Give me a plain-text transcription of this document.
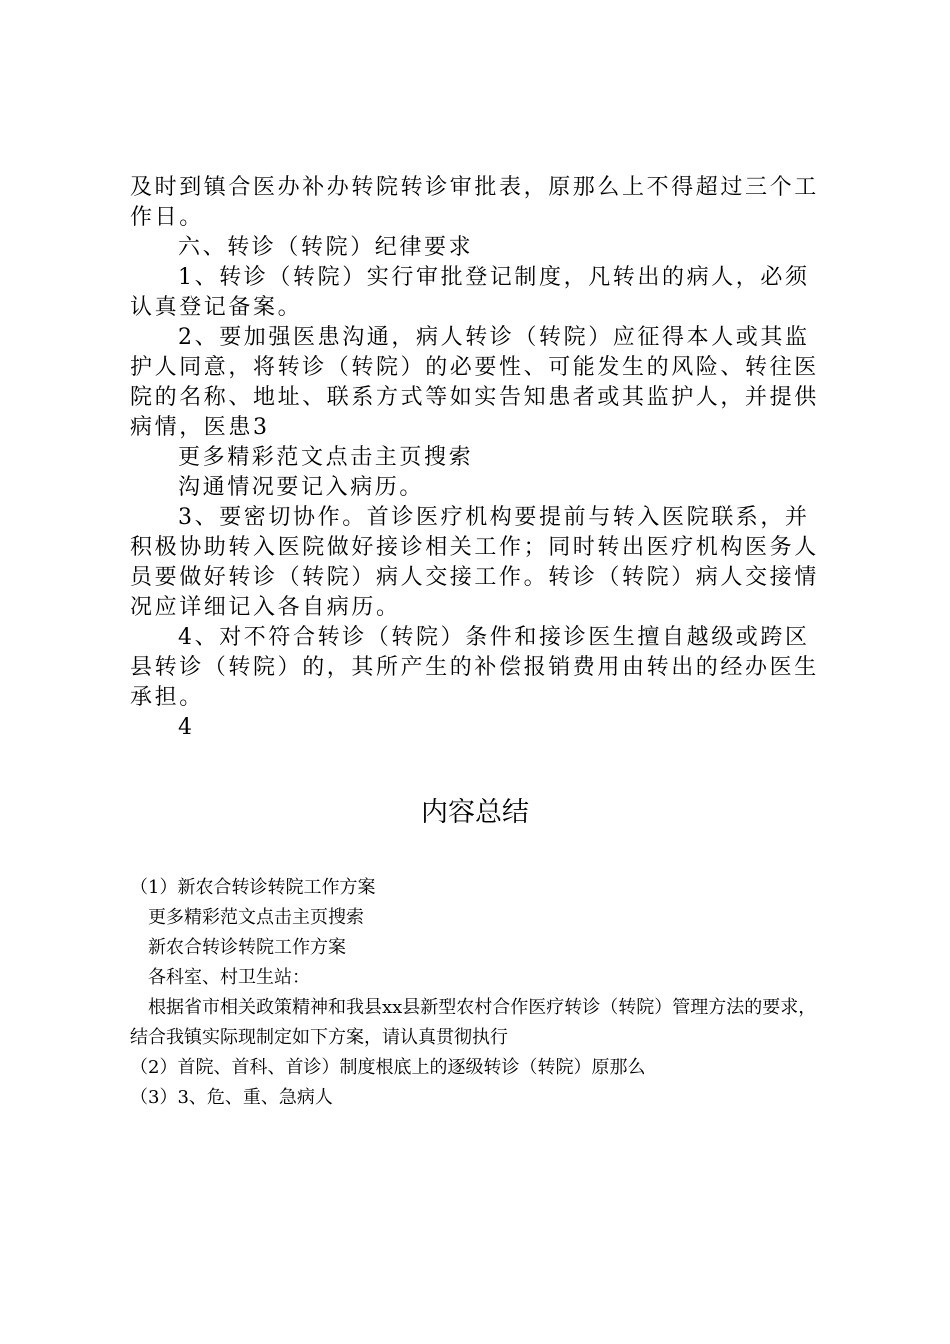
及时到镇合医办补办转院转诊审批表，原那么上不得超过三个工作日。

六、转诊（转院）纪律要求

1、转诊（转院）实行审批登记制度，凡转出的病人，必须认真登记备案。

2、要加强医患沟通，病人转诊（转院）应征得本人或其监护人同意，将转诊（转院）的必要性、可能发生的风险、转往医院的名称、地址、联系方式等如实告知患者或其监护人，并提供病情，医患3

更多精彩范文点击主页搜索

沟通情况要记入病历。

3、要密切协作。首诊医疗机构要提前与转入医院联系，并积极协助转入医院做好接诊相关工作；同时转出医疗机构医务人员要做好转诊（转院）病人交接工作。转诊（转院）病人交接情况应详细记入各自病历。

4、对不符合转诊（转院）条件和接诊医生擅自越级或跨区县转诊（转院）的，其所产生的补偿报销费用由转出的经办医生承担。

4

内容总结

（1）新农合转诊转院工作方案

更多精彩范文点击主页搜索

新农合转诊转院工作方案

各科室、村卫生站：

根据省市相关政策精神和我县xx县新型农村合作医疗转诊（转院）管理方法的要求，结合我镇实际现制定如下方案，请认真贯彻执行

（2）首院、首科、首诊）制度根底上的逐级转诊（转院）原那么

（3）3、危、重、急病人
